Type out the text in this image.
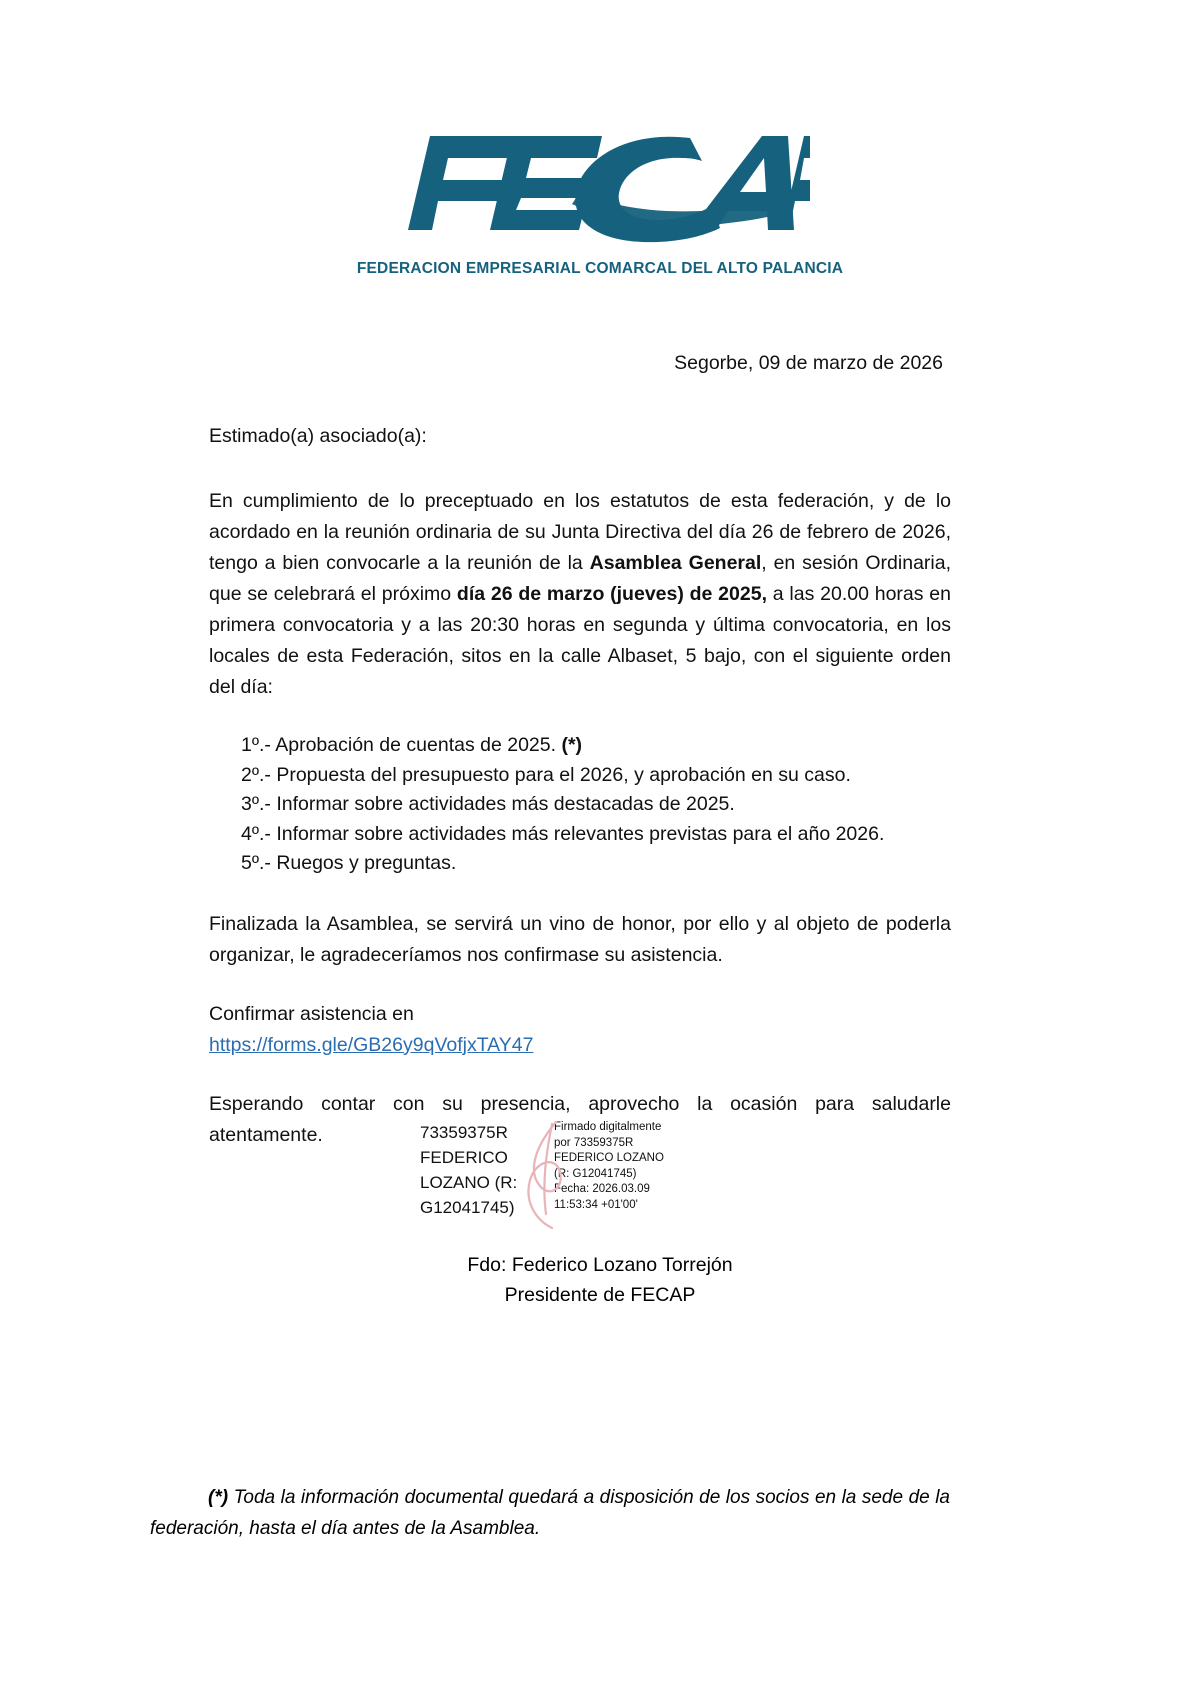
FEDERACION EMPRESARIAL COMARCAL DEL ALTO PALANCIA
Segorbe, 09 de marzo de 2026
Estimado(a) asociado(a):

En cumplimiento de lo preceptuado en los estatutos de esta federación, y de lo acordado en la reunión ordinaria de su Junta Directiva del día 26 de febrero de 2026, tengo a bien convocarle a la reunión de la Asamblea General, en sesión Ordinaria, que se celebrará el próximo día 26 de marzo (jueves) de 2025, a las 20.00 horas en primera convocatoria y a las 20:30 horas en segunda y última convocatoria, en los locales de esta Federación, sitos en la calle Albaset, 5 bajo, con el siguiente orden del día:

1º.- Aprobación de cuentas de 2025. (*)
2º.- Propuesta del presupuesto para el 2026, y aprobación en su caso.
3º.- Informar sobre actividades más destacadas de 2025.
4º.- Informar sobre actividades más relevantes previstas para el año 2026.
5º.- Ruegos y preguntas.

Finalizada la Asamblea, se servirá un vino de honor, por ello y al objeto de poderla organizar, le agradeceríamos nos confirmase su asistencia.

Confirmar asistencia en
https://forms.gle/GB26y9qVofjxTAY47

Esperando contar con su presencia, aprovecho la ocasión para saludarle atentamente.	73359375R
FEDERICO
LOZANO (R:
G12041745)
Firmado digitalmente
por 73359375R
FEDERICO LOZANO
(R: G12041745)
Fecha: 2026.03.09
11:53:34 +01'00'
Fdo: Federico Lozano Torrejón
Presidente de FECAP
(*) Toda la información documental quedará a disposición de los socios en la sede de la federación, hasta el día antes de la Asamblea.
